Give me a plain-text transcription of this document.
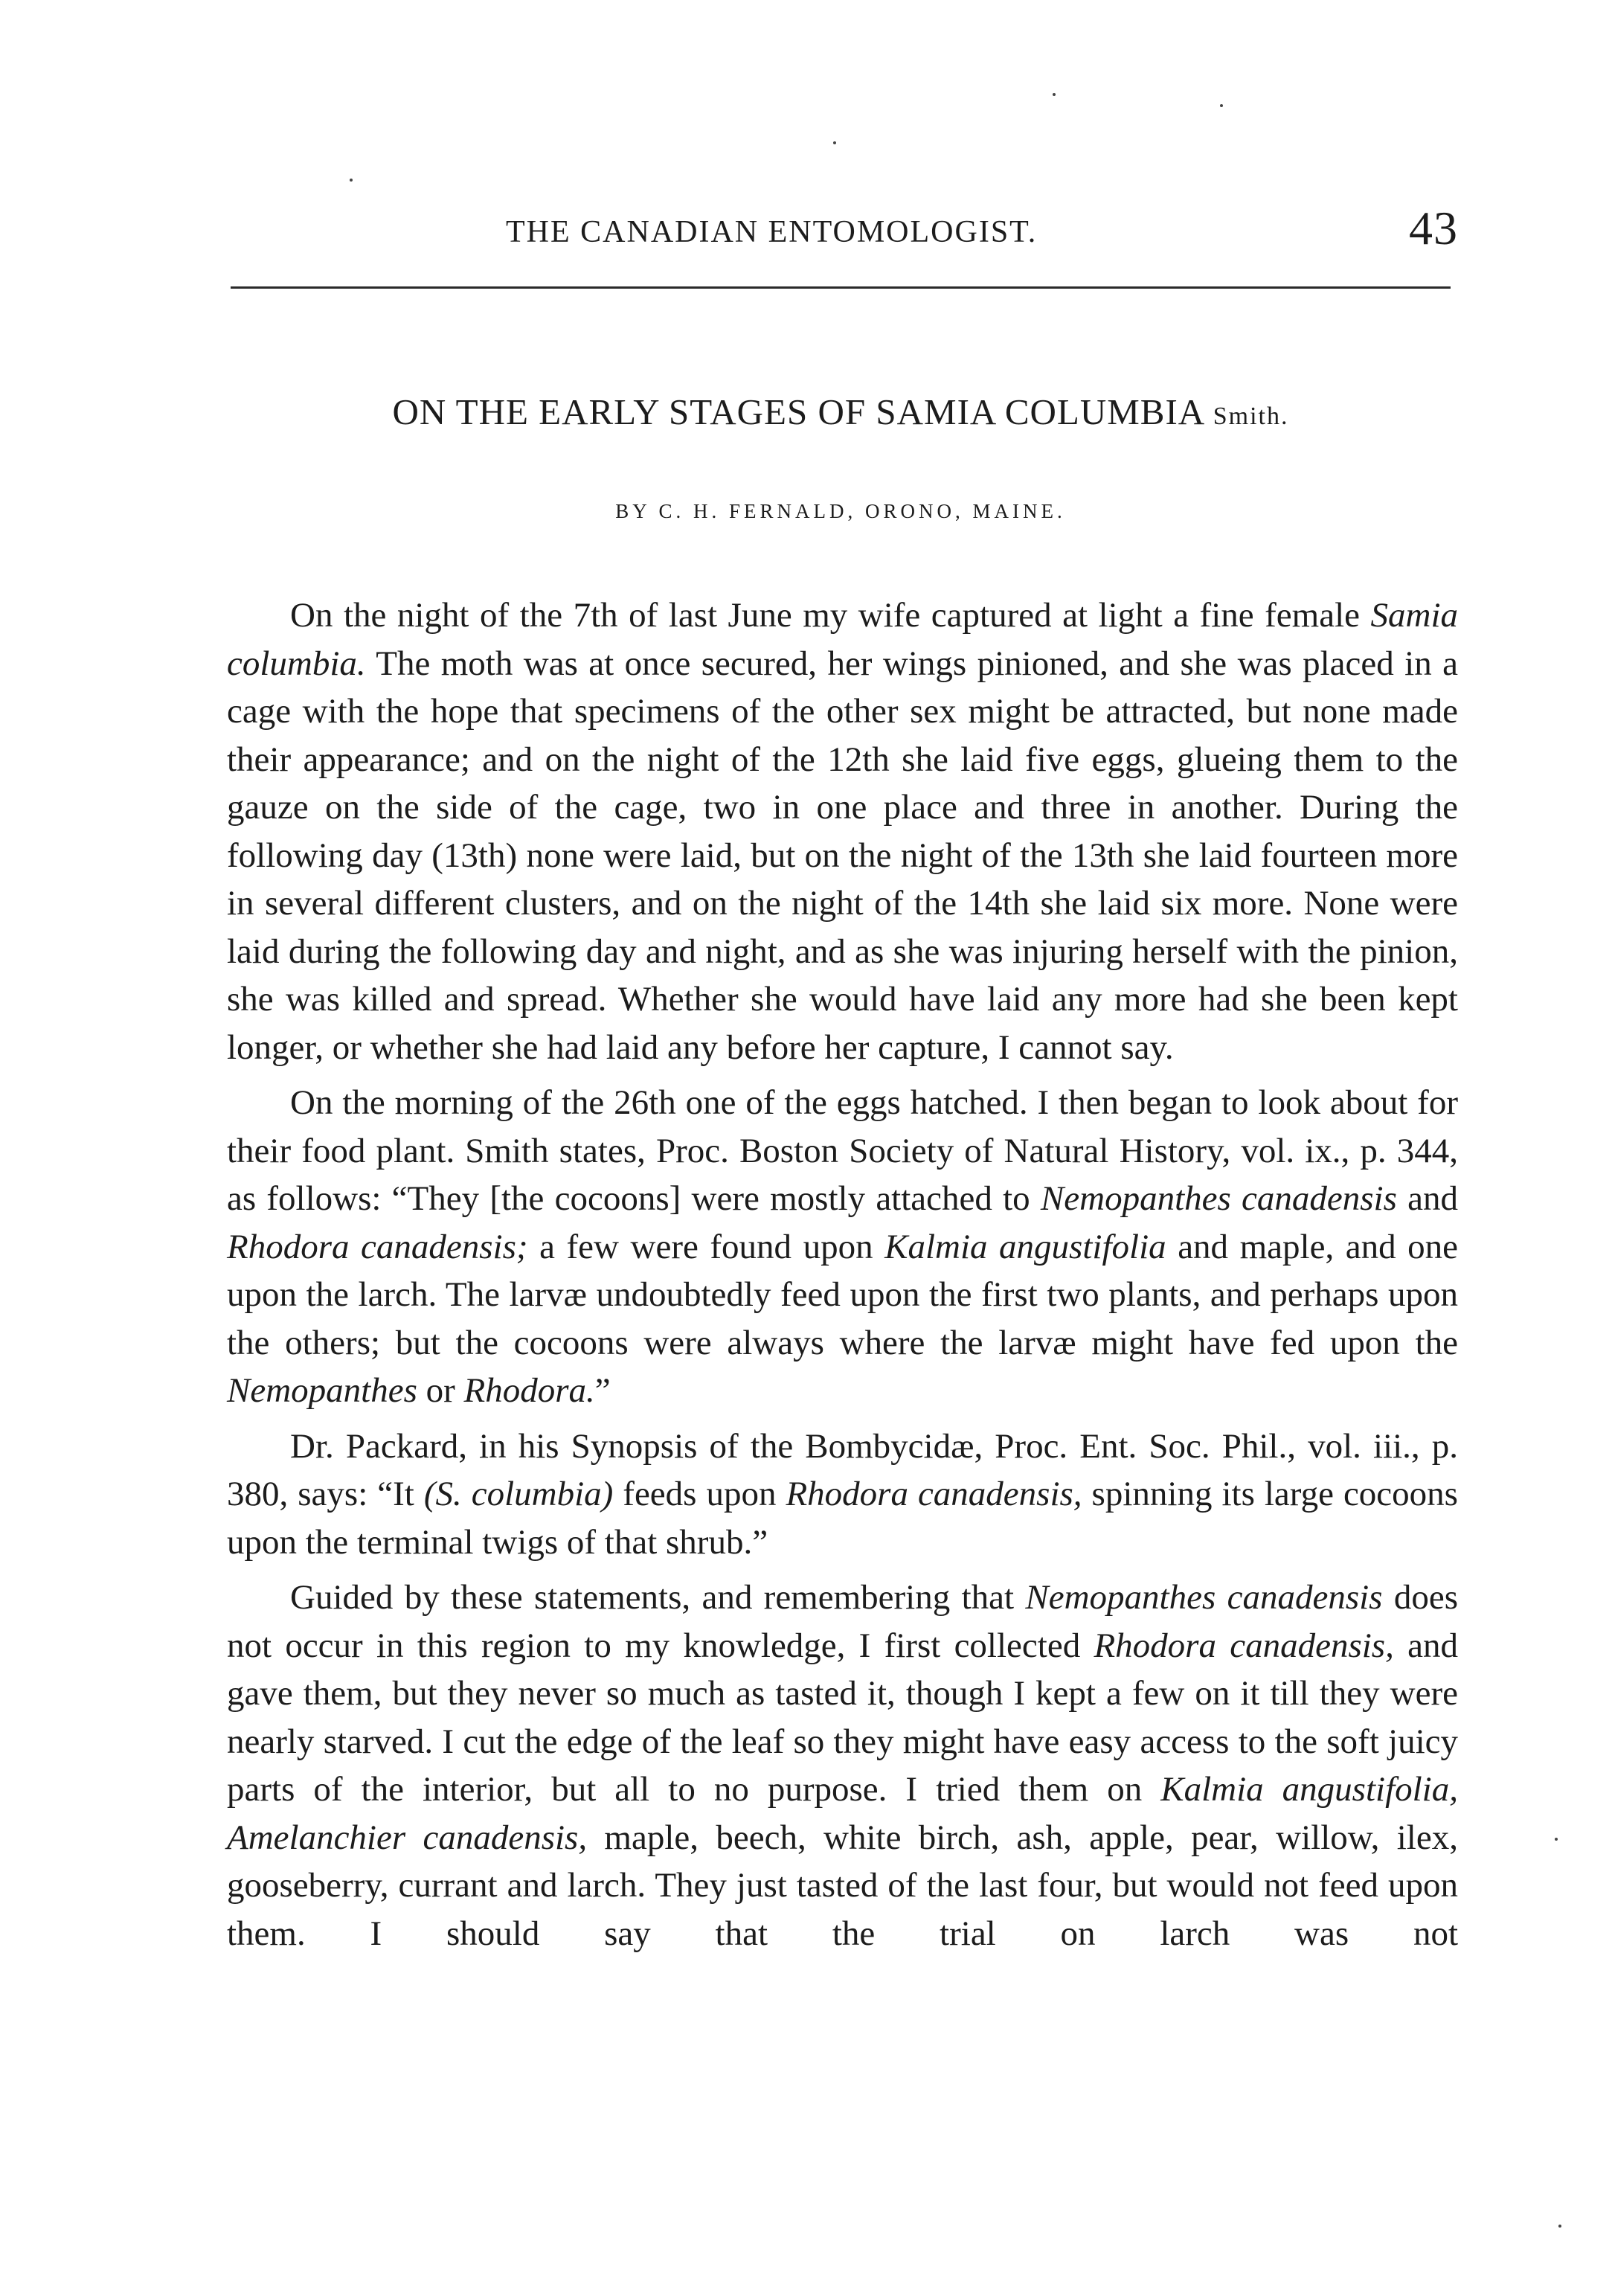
THE CANADIAN ENTOMOLOGIST.	43
ON THE EARLY STAGES OF SAMIA COLUMBIA Smith.
BY C. H. FERNALD, ORONO, MAINE.

On the night of the 7th of last June my wife captured at light a fine female Samia columbia. The moth was at once secured, her wings pinioned, and she was placed in a cage with the hope that specimens of the other sex might be attracted, but none made their appearance; and on the night of the 12th she laid five eggs, glueing them to the gauze on the side of the cage, two in one place and three in another. During the following day (13th) none were laid, but on the night of the 13th she laid fourteen more in several different clusters, and on the night of the 14th she laid six more. None were laid during the following day and night, and as she was injuring herself with the pinion, she was killed and spread. Whether she would have laid any more had she been kept longer, or whether she had laid any before her capture, I cannot say.

On the morning of the 26th one of the eggs hatched. I then began to look about for their food plant. Smith states, Proc. Boston Society of Natural History, vol. ix., p. 344, as follows: “They [the cocoons] were mostly attached to Nemopanthes canadensis and Rhodora canadensis; a few were found upon Kalmia angustifolia and maple, and one upon the larch. The larvæ undoubtedly feed upon the first two plants, and perhaps upon the others; but the cocoons were always where the larvæ might have fed upon the Nemopanthes or Rhodora.”

Dr. Packard, in his Synopsis of the Bombycidæ, Proc. Ent. Soc. Phil., vol. iii., p. 380, says: “It (S. columbia) feeds upon Rhodora canadensis, spinning its large cocoons upon the terminal twigs of that shrub.”

Guided by these statements, and remembering that Nemopanthes canadensis does not occur in this region to my knowledge, I first collected Rhodora canadensis, and gave them, but they never so much as tasted it, though I kept a few on it till they were nearly starved. I cut the edge of the leaf so they might have easy access to the soft juicy parts of the interior, but all to no purpose. I tried them on Kalmia angustifolia, Amelanchier canadensis, maple, beech, white birch, ash, apple, pear, willow, ilex, gooseberry, currant and larch. They just tasted of the last four, but would not feed upon them. I should say that the trial on larch was not
